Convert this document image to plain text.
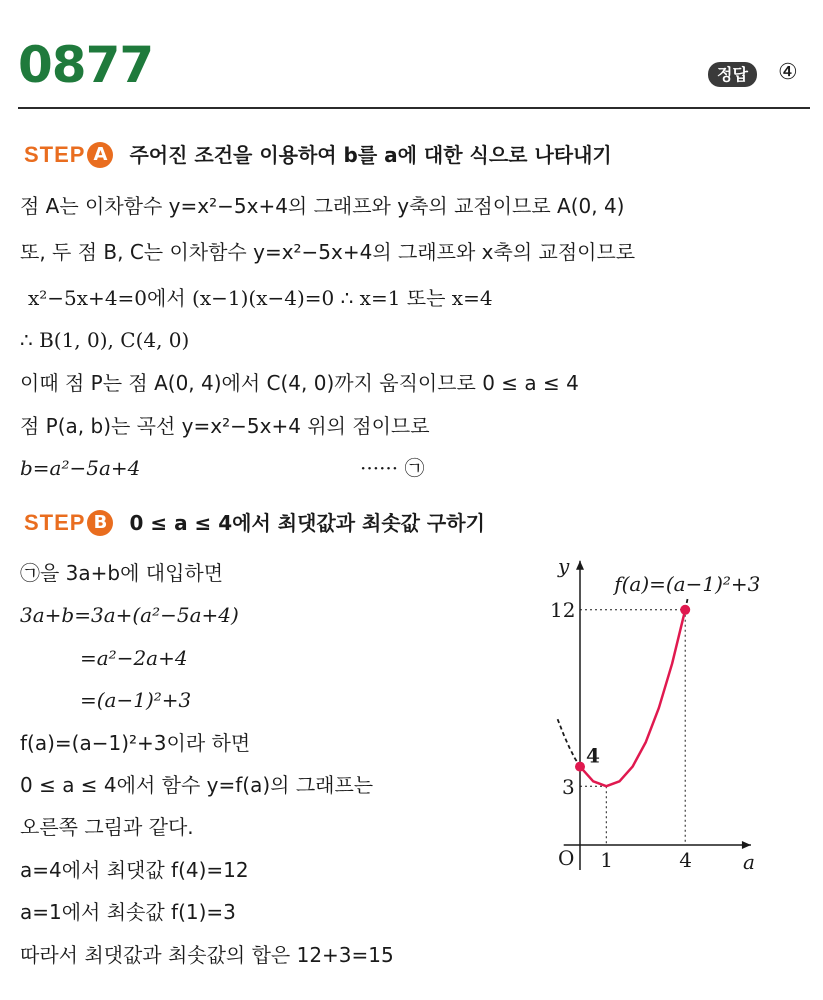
0877	정답	④
STEP A	주어진 조건을 이용하여 b를 a에 대한 식으로 나타내기
점 A는 이차함수 y=x²−5x+4의 그래프와 y축의 교점이므로 A(0, 4)
또, 두 점 B, C는 이차함수 y=x²−5x+4의 그래프와 x축의 교점이므로
x²−5x+4=0에서 (x−1)(x−4)=0 ∴ x=1 또는 x=4
∴ B(1, 0), C(4, 0)
이때 점 P는 점 A(0, 4)에서 C(4, 0)까지 움직이므로 0 ≤ a ≤ 4
점 P(a, b)는 곡선 y=x²−5x+4 위의 점이므로
b=a²−5a+4	······ ㉠
STEP B	0 ≤ a ≤ 4에서 최댓값과 최솟값 구하기
㉠을 3a+b에 대입하면
3a+b=3a+(a²−5a+4)
=a²−2a+4
=(a−1)²+3
f(a)=(a−1)²+3이라 하면
0 ≤ a ≤ 4에서 함수 y=f(a)의 그래프는
오른쪽 그림과 같다.
a=4에서 최댓값 f(4)=12
a=1에서 최솟값 f(1)=3
따라서 최댓값과 최솟값의 합은 12+3=15
O 1	4
3
4
12
a
y
f(a)=(a−1)²+3
